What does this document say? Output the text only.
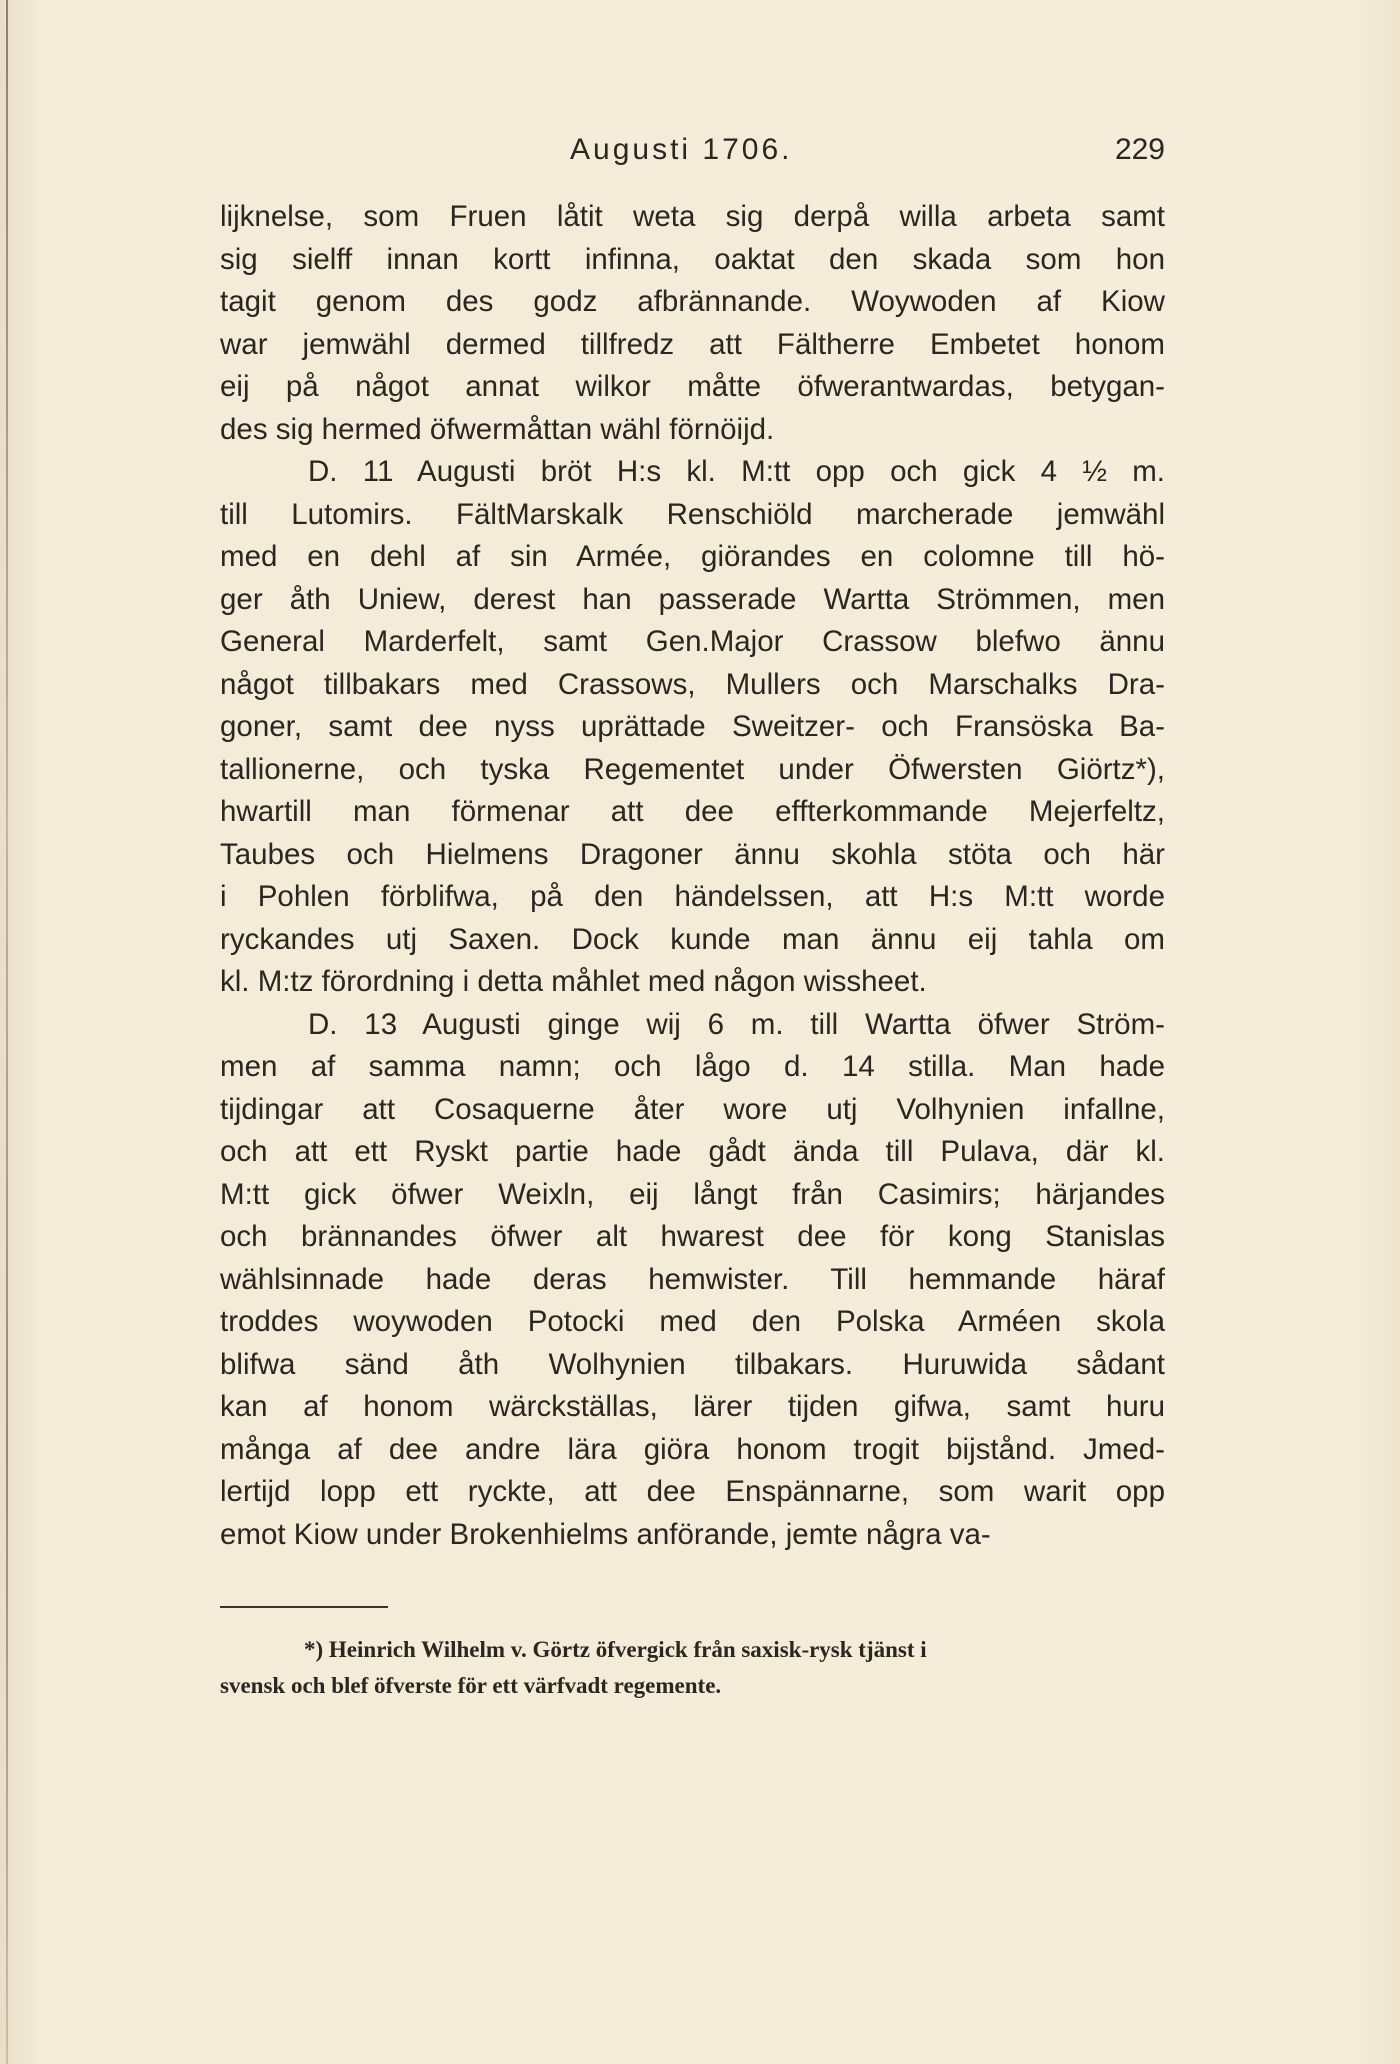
Augusti 1706.	229
lijknelse, som Fruen låtit weta sig derpå willa arbeta samt
sig sielff innan kortt infinna, oaktat den skada som hon
tagit genom des godz afbrännande. Woywoden af Kiow
war jemwähl dermed tillfredz att Fältherre Embetet honom
eij på något annat wilkor måtte öfwerantwardas, betygan-
des sig hermed öfwermåttan wähl förnöijd.
D. 11 Augusti bröt H:s kl. M:tt opp och gick 4 ½ m.
till Lutomirs. FältMarskalk Renschiöld marcherade jemwähl
med en dehl af sin Armée, giörandes en colomne till hö-
ger åth Uniew, derest han passerade Wartta Strömmen, men
General Marderfelt, samt Gen.Major Crassow blefwo ännu
något tillbakars med Crassows, Mullers och Marschalks Dra-
goner, samt dee nyss uprättade Sweitzer- och Fransöska Ba-
tallionerne, och tyska Regementet under Öfwersten Giörtz*),
hwartill man förmenar att dee effterkommande Mejerfeltz,
Taubes och Hielmens Dragoner ännu skohla stöta och här
i Pohlen förblifwa, på den händelssen, att H:s M:tt worde
ryckandes utj Saxen. Dock kunde man ännu eij tahla om
kl. M:tz förordning i detta måhlet med någon wissheet.
D. 13 Augusti ginge wij 6 m. till Wartta öfwer Ström-
men af samma namn; och lågo d. 14 stilla. Man hade
tijdingar att Cosaquerne åter wore utj Volhynien infallne,
och att ett Ryskt partie hade gådt ända till Pulava, där kl.
M:tt gick öfwer Weixln, eij långt från Casimirs; härjandes
och brännandes öfwer alt hwarest dee för kong Stanislas
wählsinnade hade deras hemwister. Till hemmande häraf
troddes woywoden Potocki med den Polska Arméen skola
blifwa sänd åth Wolhynien tilbakars. Huruwida sådant
kan af honom wärckställas, lärer tijden gifwa, samt huru
många af dee andre lära giöra honom trogit bijstånd. Jmed-
lertijd lopp ett ryckte, att dee Enspännarne, som warit opp
emot Kiow under Brokenhielms anförande, jemte några va-
*) Heinrich Wilhelm v. Görtz öfvergick från saxisk-rysk tjänst i
svensk och blef öfverste för ett värfvadt regemente.
